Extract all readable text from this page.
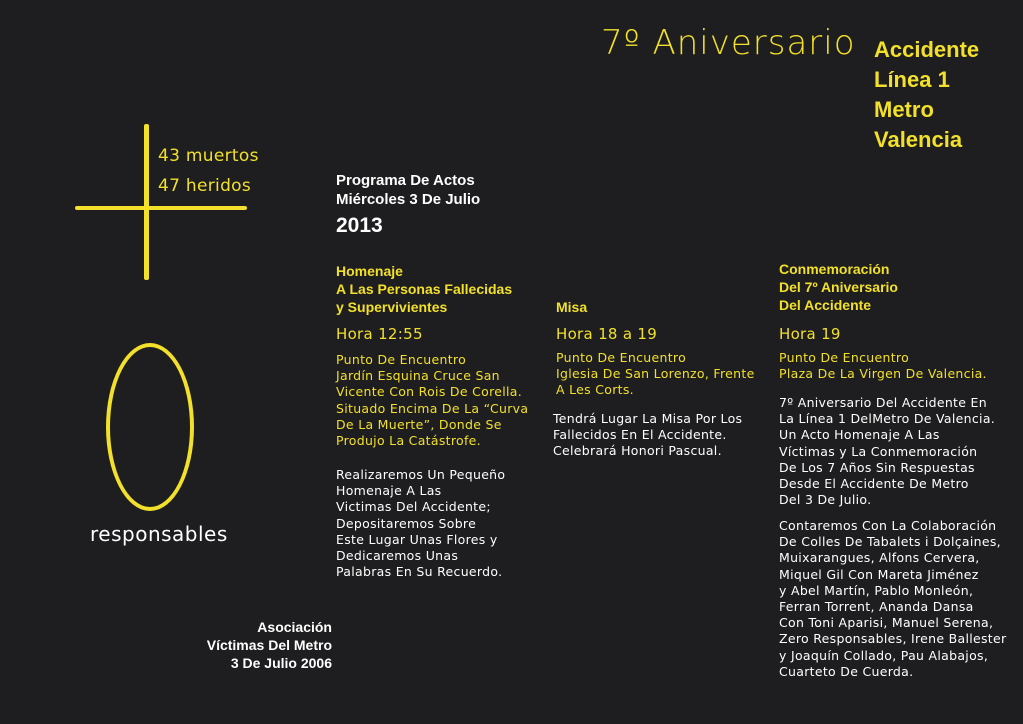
7º Aniversario Accidente
Línea 1
Metro
Valencia
43 muertos
47 heridos
responsables
Asociación
Víctimas Del Metro
3 De Julio 2006
Programa De Actos
Miércoles 3 De Julio
2013
Homenaje
A Las Personas Fallecidas
y Supervivientes
Hora 12:55
Punto De Encuentro
Jardín Esquina Cruce San
Vicente Con Rois De Corella.
Situado Encima De La “Curva
De La Muerte”, Donde Se
Produjo La Catástrofe.
Realizaremos Un Pequeño
Homenaje A Las
Victimas Del Accidente;
Depositaremos Sobre
Este Lugar Unas Flores y
Dedicaremos Unas
Palabras En Su Recuerdo.
Misa
Hora 18 a 19
Punto De Encuentro
Iglesia De San Lorenzo, Frente
A Les Corts.
Tendrá Lugar La Misa Por Los
Fallecidos En El Accidente.
Celebrará Honori Pascual.
Conmemoración
Del 7º Aniversario
Del Accidente
Hora 19
Punto De Encuentro
Plaza De La Virgen De Valencia.
7º Aniversario Del Accidente En
La Línea 1 DelMetro De Valencia.
Un Acto Homenaje A Las
Víctimas y La Conmemoración
De Los 7 Años Sin Respuestas
Desde El Accidente De Metro
Del 3 De Julio.
Contaremos Con La Colaboración
De Colles De Tabalets i Dolçaines,
Muixarangues, Alfons Cervera,
Miquel Gil Con Mareta Jiménez
y Abel Martín, Pablo Monleón,
Ferran Torrent, Ananda Dansa
Con Toni Aparisi, Manuel Serena,
Zero Responsables, Irene Ballester
y Joaquín Collado, Pau Alabajos,
Cuarteto De Cuerda.
